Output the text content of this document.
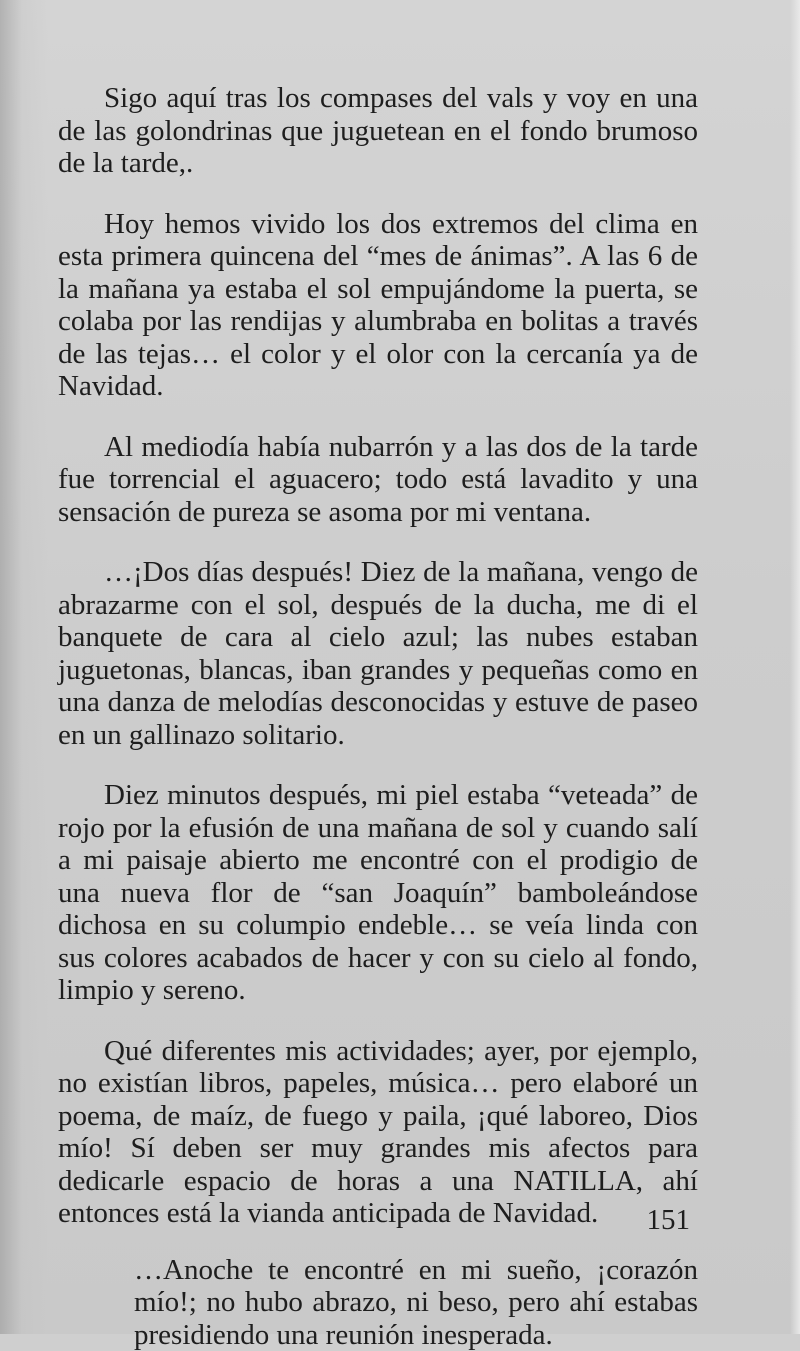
Sigo aquí tras los compases del vals y voy en una de las golondrinas que juguetean en el fondo brumoso de la tarde,.

Hoy hemos vivido los dos extremos del clima en esta primera quincena del “mes de ánimas”. A las 6 de la mañana ya estaba el sol empujándome la puerta, se colaba por las rendijas y alumbraba en bolitas a través de las tejas… el color y el olor con la cercanía ya de Navidad.

Al mediodía había nubarrón y a las dos de la tarde fue torrencial el aguacero; todo está lavadito y una sensación de pureza se asoma por mi ventana.

…¡Dos días después! Diez de la mañana, vengo de abrazarme con el sol, después de la ducha, me di el banquete de cara al cielo azul; las nubes estaban juguetonas, blancas, iban grandes y pequeñas como en una danza de melodías desconocidas y estuve de paseo en un gallinazo solitario.

Diez minutos después, mi piel estaba “veteada” de rojo por la efusión de una mañana de sol y cuando salí a mi paisaje abierto me encontré con el prodigio de una nueva flor de “san Joaquín” bamboleándose dichosa en su columpio endeble… se veía linda con sus colores acabados de hacer y con su cielo al fondo, limpio y sereno.

Qué diferentes mis actividades; ayer, por ejemplo, no existían libros, papeles, música… pero elaboré un poema, de maíz, de fuego y paila, ¡qué laboreo, Dios mío! Sí deben ser muy grandes mis afectos para dedicarle espacio de horas a una NATILLA, ahí entonces está la vianda anticipada de Navidad.

…Anoche te encontré en mi sueño, ¡corazón mío!; no hubo abrazo, ni beso, pero ahí estabas presidiendo una reunión inesperada.

151
